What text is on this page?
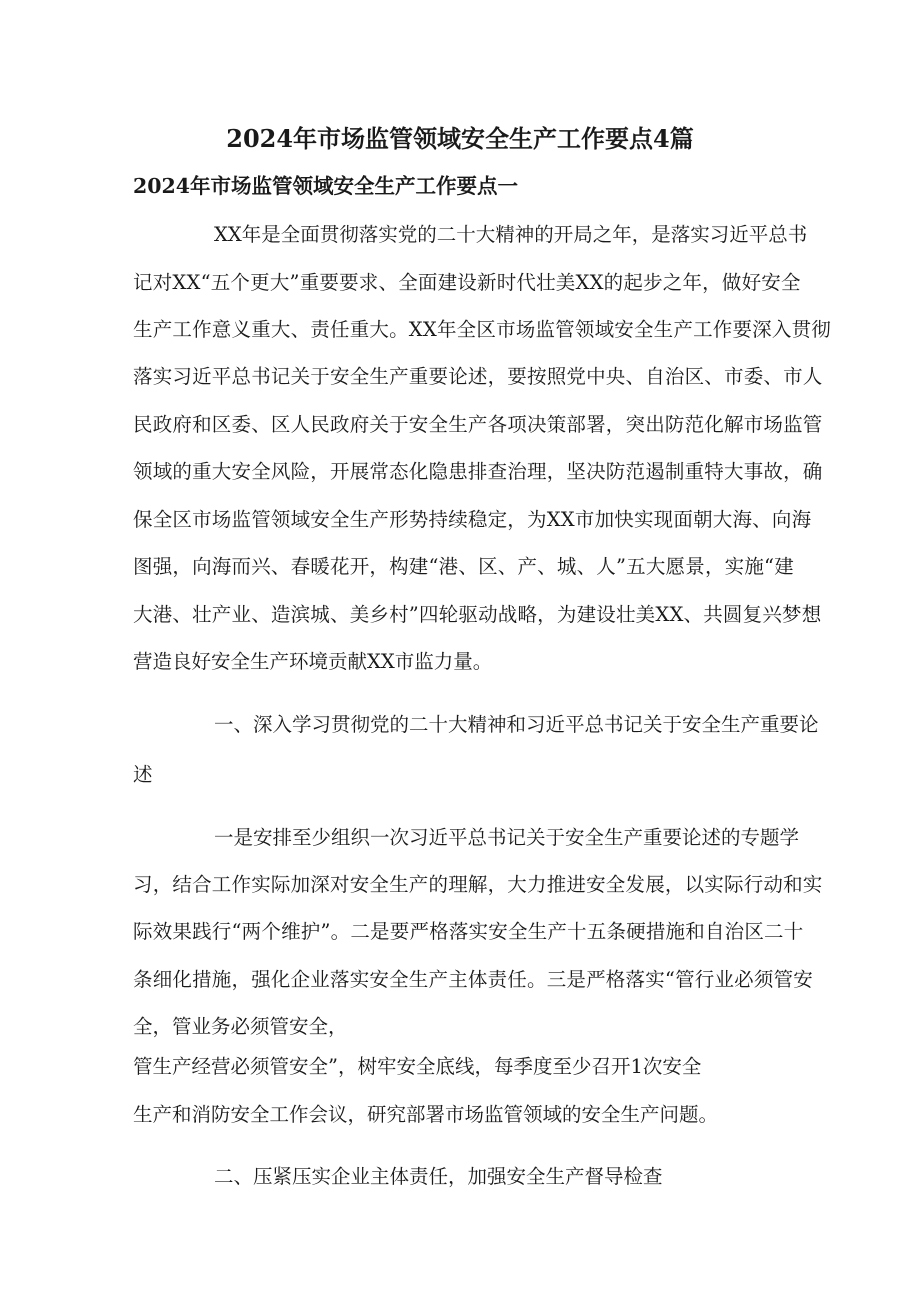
2024年市场监管领域安全生产工作要点4篇
2024年市场监管领域安全生产工作要点一
XX年是全面贯彻落实党的二十大精神的开局之年，是落实习近平总书
记对XX“五个更大”重要要求、全面建设新时代壮美XX的起步之年，做好安全
生产工作意义重大、责任重大。XX年全区市场监管领域安全生产工作要深入贯彻
落实习近平总书记关于安全生产重要论述，要按照党中央、自治区、市委、市人
民政府和区委、区人民政府关于安全生产各项决策部署，突出防范化解市场监管
领域的重大安全风险，开展常态化隐患排查治理，坚决防范遏制重特大事故，确
保全区市场监管领域安全生产形势持续稳定，为XX市加快实现面朝大海、向海
图强，向海而兴、春暖花开，构建“港、区、产、城、人”五大愿景，实施“建
大港、壮产业、造滨城、美乡村”四轮驱动战略，为建设壮美XX、共圆复兴梦想
营造良好安全生产环境贡献XX市监力量。
一、深入学习贯彻党的二十大精神和习近平总书记关于安全生产重要论
述
一是安排至少组织一次习近平总书记关于安全生产重要论述的专题学
习，结合工作实际加深对安全生产的理解，大力推进安全发展，以实际行动和实
际效果践行“两个维护”。二是要严格落实安全生产十五条硬措施和自治区二十
条细化措施，强化企业落实安全生产主体责任。三是严格落实“管行业必须管安
全，管业务必须管安全，
管生产经营必须管安全”，树牢安全底线，每季度至少召开1次安全
生产和消防安全工作会议，研究部署市场监管领域的安全生产问题。
二、压紧压实企业主体责任，加强安全生产督导检查
